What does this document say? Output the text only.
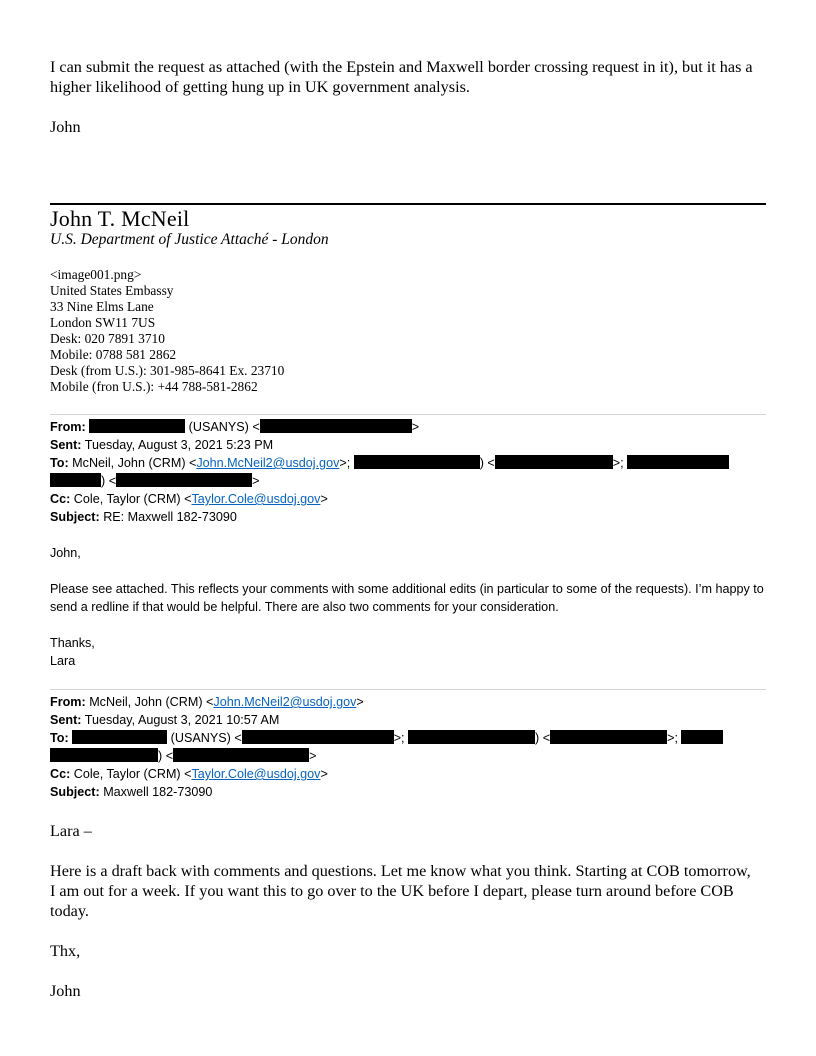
I can submit the request as attached (with the Epstein and Maxwell border crossing request in it), but it has a higher likelihood of getting hung up in UK government analysis.
John
John T. McNeil
U.S. Department of Justice Attaché - London
<image001.png>
United States Embassy
33 Nine Elms Lane
London SW11 7US
Desk: 020 7891 3710
Mobile: 0788 581 2862
Desk (from U.S.): 301-985-8641 Ex. 23710
Mobile (fron U.S.): +44 788-581-2862
From:	(USANYS) <	>
Sent: Tuesday, August 3, 2021 5:23 PM
To: McNeil, John (CRM) <John.McNeil2@usdoj.gov>;	) <	>;
) <	>
Cc: Cole, Taylor (CRM) <Taylor.Cole@usdoj.gov>
Subject: RE: Maxwell 182-73090
John,
Please see attached. This reflects your comments with some additional edits (in particular to some of the requests). I’m happy to send a redline if that would be helpful. There are also two comments for your consideration.
Thanks,
Lara
From: McNeil, John (CRM) <John.McNeil2@usdoj.gov>
Sent: Tuesday, August 3, 2021 10:57 AM
To:	(USANYS) <	>;	) <	>;
) <	>
Cc: Cole, Taylor (CRM) <Taylor.Cole@usdoj.gov>
Subject: Maxwell 182-73090
Lara –
Here is a draft back with comments and questions. Let me know what you think. Starting at COB tomorrow, I am out for a week. If you want this to go over to the UK before I depart, please turn around before COB today.
Thx,
John
